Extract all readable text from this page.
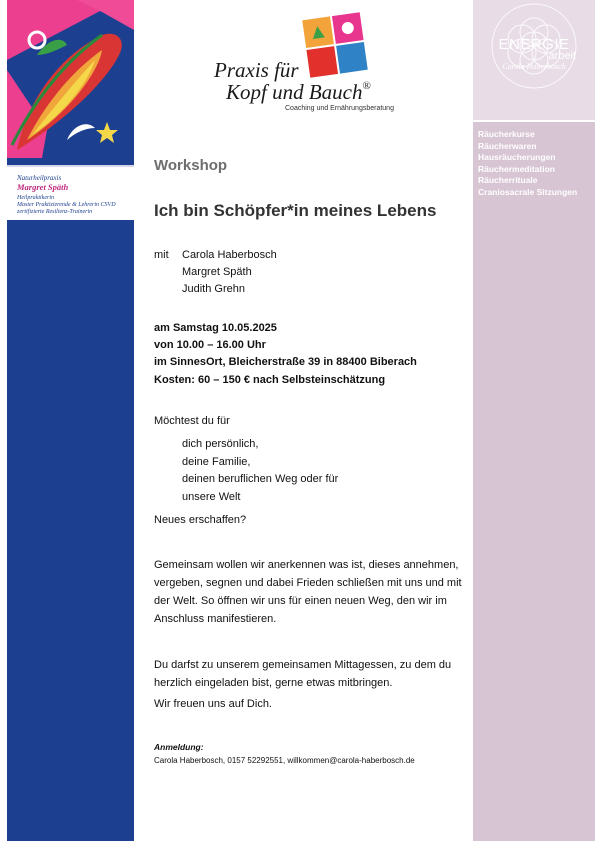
Naturheilpraxis
Margret Späth
Heilpraktikerin
Master Praktizierende & Lehrerin CSVD
zertifizierte Resilienz-Trainerin
ENERGIE
arbeit
Carola Haberbosch
Räucherkurse
Räucherwaren
Hausräucherungen
Räuchermeditation
Räucherrituale
Craniosacrale Sitzungen
Praxis für
Kopf und Bauch®
Coaching und Ernährungsberatung
Workshop
Ich bin Schöpfer*in meines Lebens
mit Carola Haberbosch
Margret Späth
Judith Grehn
am Samstag 10.05.2025
von 10.00 – 16.00 Uhr
im SinnesOrt, Bleicherstraße 39 in 88400 Biberach
Kosten: 60 – 150 € nach Selbsteinschätzung
Möchtest du für
dich persönlich,
deine Familie,
deinen beruflichen Weg oder für
unsere Welt
Neues erschaffen?
Gemeinsam wollen wir anerkennen was ist, dieses annehmen, vergeben, segnen und dabei Frieden schließen mit uns und mit der Welt. So öffnen wir uns für einen neuen Weg, den wir im Anschluss manifestieren.
Du darfst zu unserem gemeinsamen Mittagessen, zu dem du herzlich eingeladen bist, gerne etwas mitbringen.
Wir freuen uns auf Dich.
Anmeldung:
Carola Haberbosch, 0157 52292551, willkommen@carola-haberbosch.de
